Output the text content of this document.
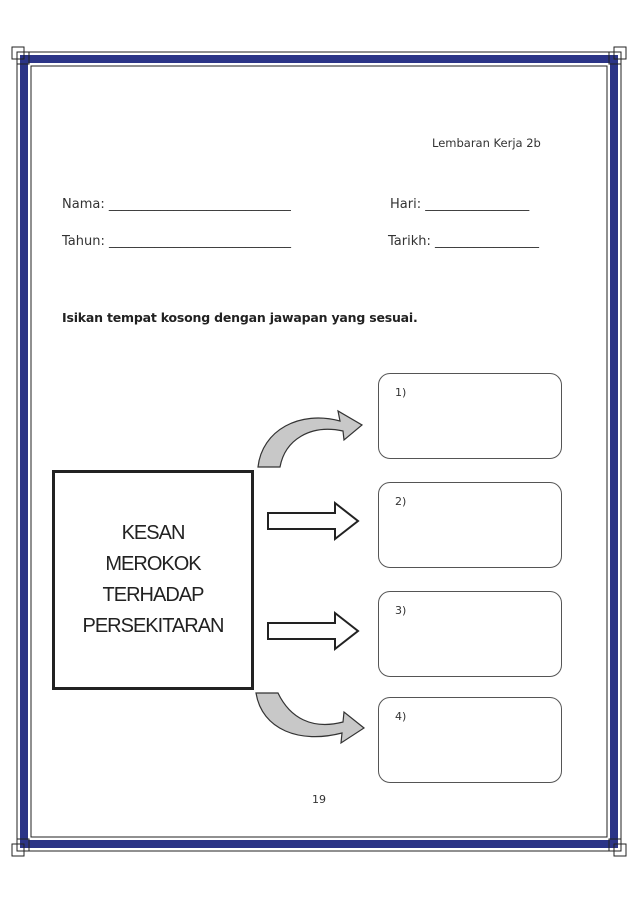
Lembaran Kerja 2b
Nama: ____________________________	Hari: ________________
Tahun: ____________________________	Tarikh: ________________
Isikan tempat kosong dengan jawapan yang sesuai.
KESAN
MEROKOK
TERHADAP
PERSEKITARAN
1)
2)
3)
4)
19
